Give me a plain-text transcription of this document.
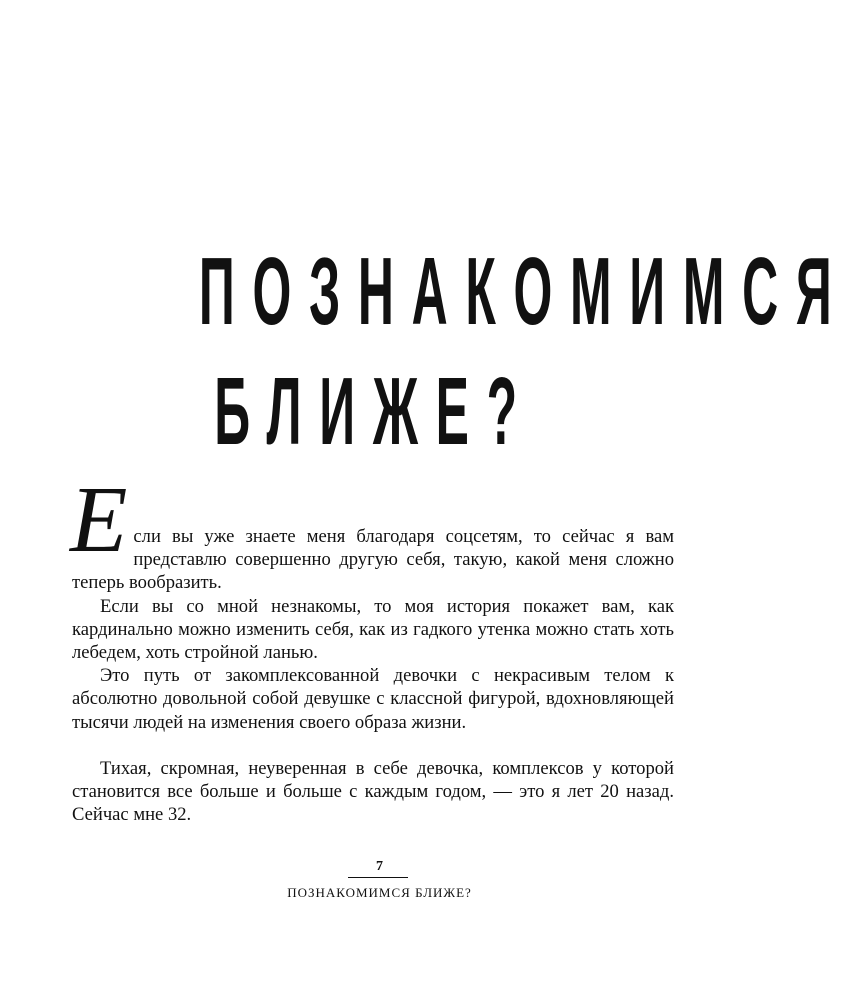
ПОЗНАКОМИМСЯ
БЛИЖЕ?

Е сли вы уже знаете меня благодаря соцсетям, то сейчас я вам представлю совершенно другую себя, такую, какой меня сложно теперь вообразить.

Если вы со мной незнакомы, то моя история покажет вам, как кардинально можно изменить себя, как из гадкого утенка можно стать хоть лебедем, хоть стройной ланью.

Это путь от закомплексованной девочки с некрасивым телом к абсолютно довольной собой девушке с классной фигурой, вдохновляющей тысячи людей на изменения своего образа жизни.

Тихая, скромная, неуверенная в себе девочка, комплексов у которой становится все больше и больше с каждым годом, — это я лет 20 назад. Сейчас мне 32.

7
ПОЗНАКОМИМСЯ БЛИЖЕ?
